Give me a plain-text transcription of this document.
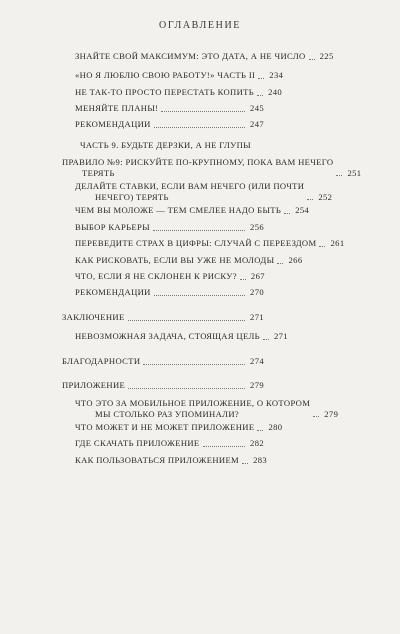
ОГЛАВЛЕНИЕ
ЗНАЙТЕ СВОЙ МАКСИМУМ: ЭТО ДАТА, А НЕ ЧИСЛО 225
«НО Я ЛЮБЛЮ СВОЮ РАБОТУ!» ЧАСТЬ II 234
НЕ ТАК-ТО ПРОСТО ПЕРЕСТАТЬ КОПИТЬ 240
МЕНЯЙТЕ ПЛАНЫ!	245
РЕКОМЕНДАЦИИ	247
ЧАСТЬ 9. БУДЬТЕ ДЕРЗКИ, А НЕ ГЛУПЫ
ПРАВИЛО №9: РИСКУЙТЕ ПО-КРУПНОМУ, ПОКА ВАМ НЕЧЕГО
ТЕРЯТЬ	251
ДЕЛАЙТЕ СТАВКИ, ЕСЛИ ВАМ НЕЧЕГО (ИЛИ ПОЧТИ
НЕЧЕГО) ТЕРЯТЬ	252
ЧЕМ ВЫ МОЛОЖЕ — ТЕМ СМЕЛЕЕ НАДО БЫТЬ 254
ВЫБОР КАРЬЕРЫ	256
ПЕРЕВЕДИТЕ СТРАХ В ЦИФРЫ: СЛУЧАЙ С ПЕРЕЕЗДОМ 261
КАК РИСКОВАТЬ, ЕСЛИ ВЫ УЖЕ НЕ МОЛОДЫ 266
ЧТО, ЕСЛИ Я НЕ СКЛОНЕН К РИСКУ? 267
РЕКОМЕНДАЦИИ	270
ЗАКЛЮЧЕНИЕ	271
НЕВОЗМОЖНАЯ ЗАДАЧА, СТОЯЩАЯ ЦЕЛЬ 271
БЛАГОДАРНОСТИ	274
ПРИЛОЖЕНИЕ	279
ЧТО ЭТО ЗА МОБИЛЬНОЕ ПРИЛОЖЕНИЕ, О КОТОРОМ
МЫ СТОЛЬКО РАЗ УПОМИНАЛИ?	279
ЧТО МОЖЕТ И НЕ МОЖЕТ ПРИЛОЖЕНИЕ 280
ГДЕ СКАЧАТЬ ПРИЛОЖЕНИЕ	282
КАК ПОЛЬЗОВАТЬСЯ ПРИЛОЖЕНИЕМ 283
